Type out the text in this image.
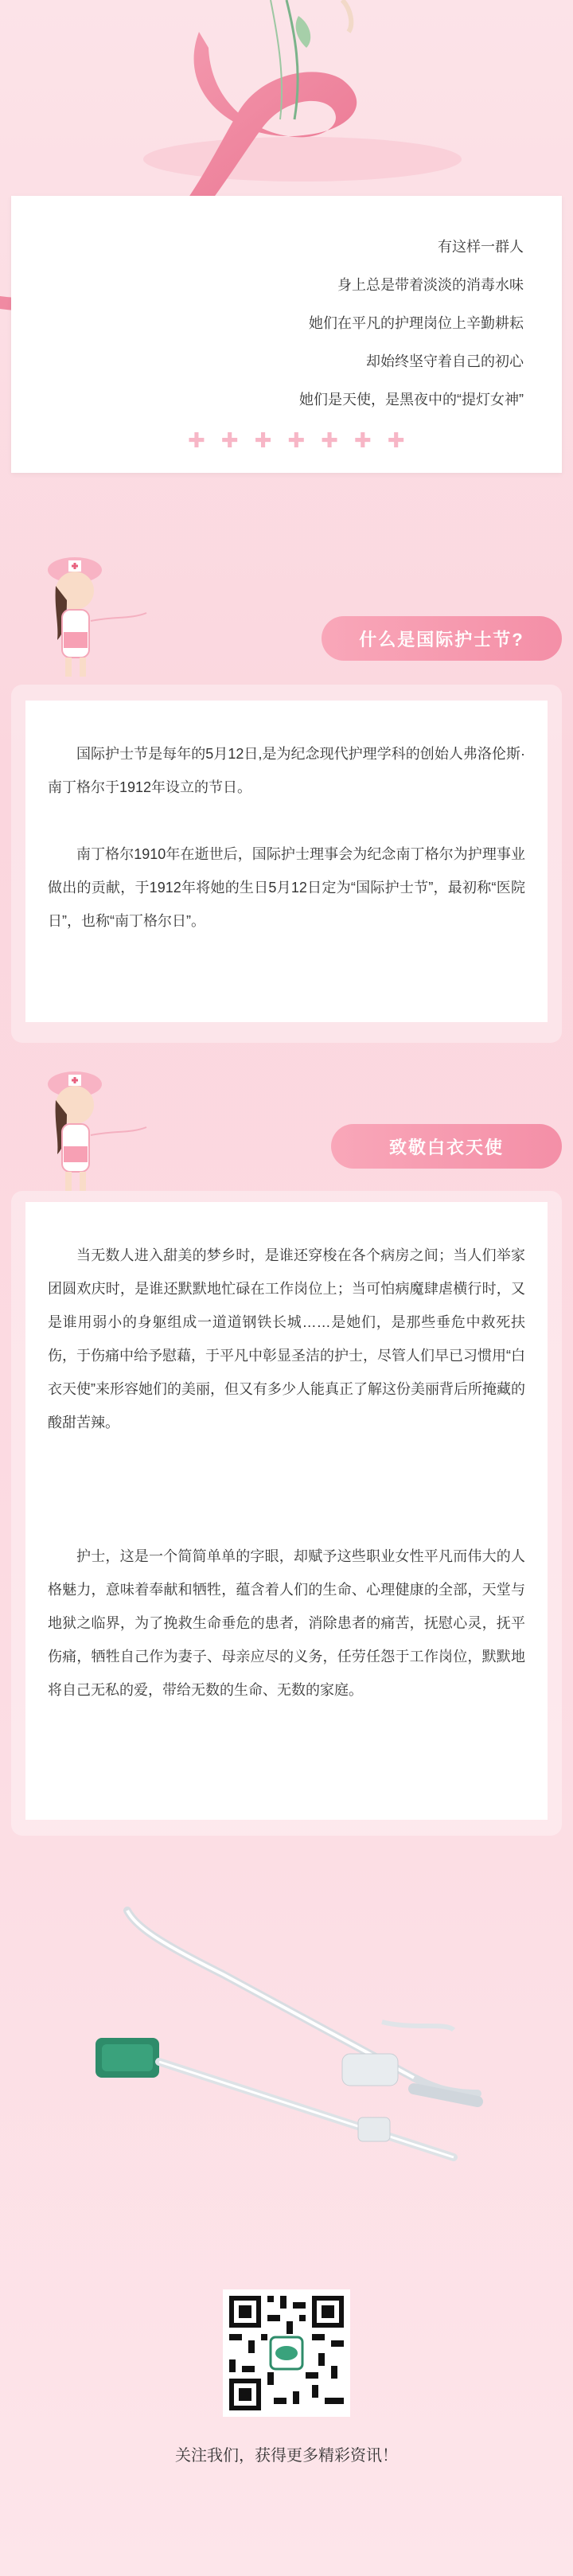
有这样一群人
身上总是带着淡淡的消毒水味
她们在平凡的护理岗位上辛勤耕耘
却始终坚守着自己的初心
她们是天使，是黑夜中的“提灯女神”
✚✚✚✚✚✚✚
什么是国际护士节?
国际护士节是每年的5月12日,是为纪念现代护理学科的创始人弗洛伦斯·南丁格尔于1912年设立的节日。
南丁格尔1910年在逝世后，国际护士理事会为纪念南丁格尔为护理事业做出的贡献，于1912年将她的生日5月12日定为“国际护士节”，最初称“医院日”，也称“南丁格尔日”。
致敬白衣天使
当无数人进入甜美的梦乡时，是谁还穿梭在各个病房之间；当人们举家团圆欢庆时，是谁还默默地忙碌在工作岗位上；当可怕病魔肆虐横行时，又是谁用弱小的身躯组成一道道钢铁长城……是她们，是那些垂危中救死扶伤，于伤痛中给予慰藉，于平凡中彰显圣洁的护士，尽管人们早已习惯用“白衣天使”来形容她们的美丽，但又有多少人能真正了解这份美丽背后所掩藏的酸甜苦辣。
护士，这是一个简简单单的字眼，却赋予这些职业女性平凡而伟大的人格魅力，意味着奉献和牺牲，蕴含着人们的生命、心理健康的全部，天堂与地狱之临界，为了挽救生命垂危的患者，消除患者的痛苦，抚慰心灵，抚平伤痛，牺牲自己作为妻子、母亲应尽的义务，任劳任怨于工作岗位，默默地将自己无私的爱，带给无数的生命、无数的家庭。
关注我们，获得更多精彩资讯！
